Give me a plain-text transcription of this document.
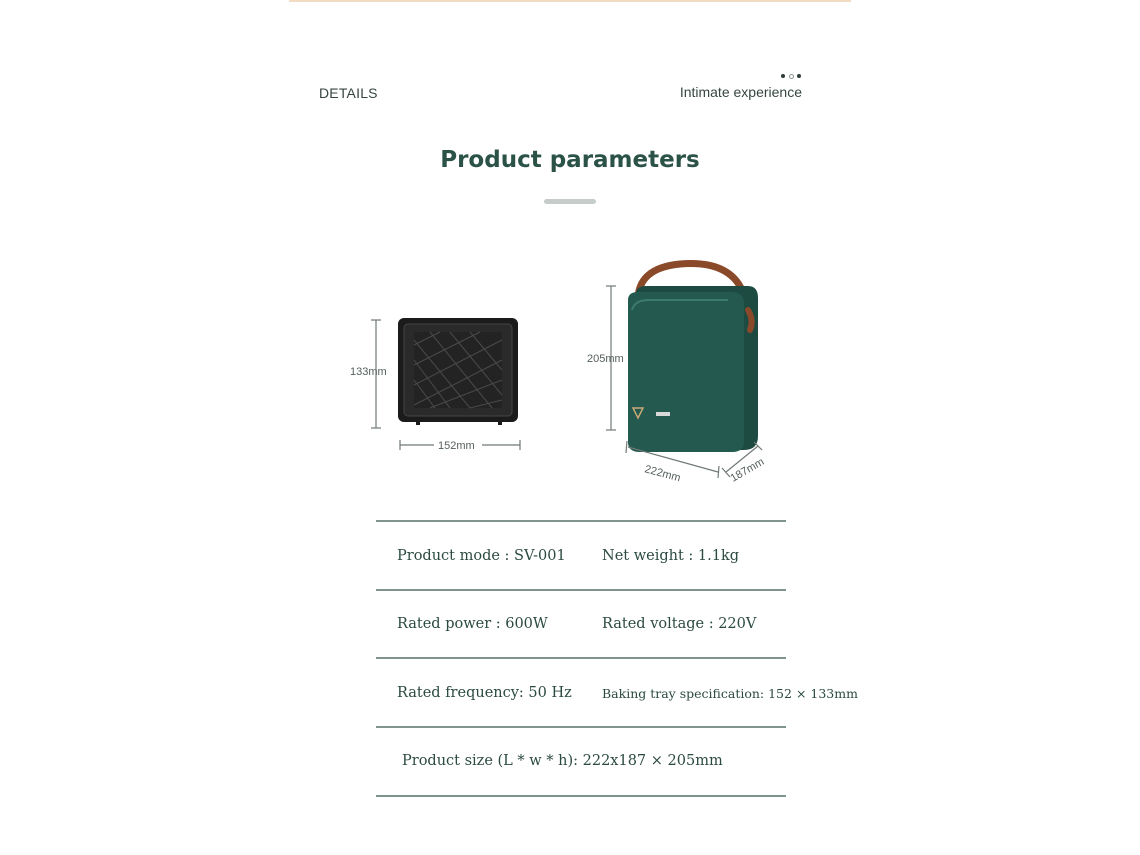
DETAILS	Intimate experience
Product parameters
133mm
152mm
205mm
222mm	187mm
Product mode : SV-001	Net weight : 1.1kg
Rated power : 600W	Rated voltage : 220V
Rated frequency: 50 Hz Baking tray specification: 152 × 133mm
Product size (L * w * h): 222x187 × 205mm
